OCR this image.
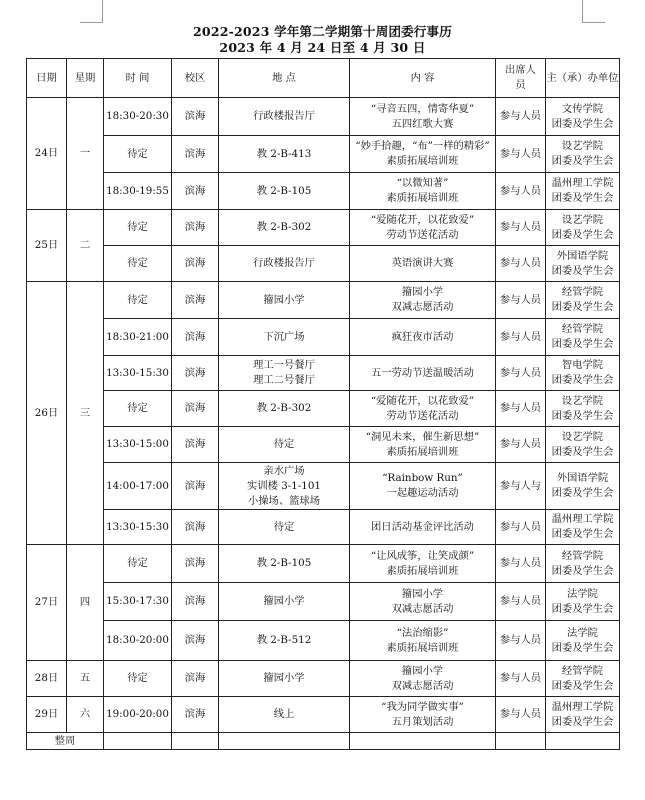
2022-2023 学年第二学期第十周团委行事历
2023 年 4 月 24 日至 4 月 30 日
日期	星期	时 间	校区	地 点	内 容	出席人员	主（承）办单位
24日	一	18:30-20:30	滨海	行政楼报告厅	“寻音五四，情寄华夏”
五四红歌大赛	参与人员	文传学院
团委及学生会

		待定	滨海	教 2-B-413	“妙手拾趣，“布”一样的精彩”
素质拓展培训班	参与人员	设艺学院
团委及学生会

		18:30-19:55	滨海	教 2-B-105	“以微知著”
素质拓展培训班	参与人员	温州理工学院
团委及学生会

25日	二	待定	滨海	教 2-B-302	“爱随花开，以花致爱”
劳动节送花活动	参与人员	设艺学院
团委及学生会

		待定	滨海	行政楼报告厅	英语演讲大赛	参与人员	外国语学院
团委及学生会

26日	三	待定	滨海	籀园小学	籀园小学
双减志愿活动	参与人员	经管学院
团委及学生会

		18:30-21:00	滨海	下沉广场	疯狂夜市活动	参与人员	经管学院
团委及学生会

		13:30-15:30	滨海	理工一号餐厅
理工二号餐厅	五一劳动节送温暖活动	参与人员	智电学院
团委及学生会

		待定	滨海	教 2-B-302	“爱随花开，以花致爱”
劳动节送花活动	参与人员	设艺学院
团委及学生会

		13:30-15:00	滨海	待定	“洞见未来，催生新思想”
素质拓展培训班	参与人员	设艺学院
团委及学生会

		14:00-17:00	滨海	亲水广场
实训楼 3-1-101
小操场、篮球场	“Rainbow Run”
一起趣运动活动	参与人与	外国语学院
团委及学生会

		13:30-15:30	滨海	待定	团日活动基金评比活动	参与人员	温州理工学院
团委及学生会

27日	四	待定	滨海	教 2-B-105	“让风成筝，让笑成颜”
素质拓展培训班	参与人员	经管学院
团委及学生会

		15:30-17:30	滨海	籀园小学	籀园小学
双减志愿活动	参与人员	法学院
团委及学生会

		18:30-20:00	滨海	教 2-B-512	“法治缩影”
素质拓展培训班	参与人员	法学院
团委及学生会

28日	五	待定	滨海	籀园小学	籀园小学
双减志愿活动	参与人员	经管学院
团委及学生会

29日	六	19:00-20:00	滨海	线上	“我为同学做实事”
五月策划活动	参与人员	温州理工学院
团委及学生会

整周							
